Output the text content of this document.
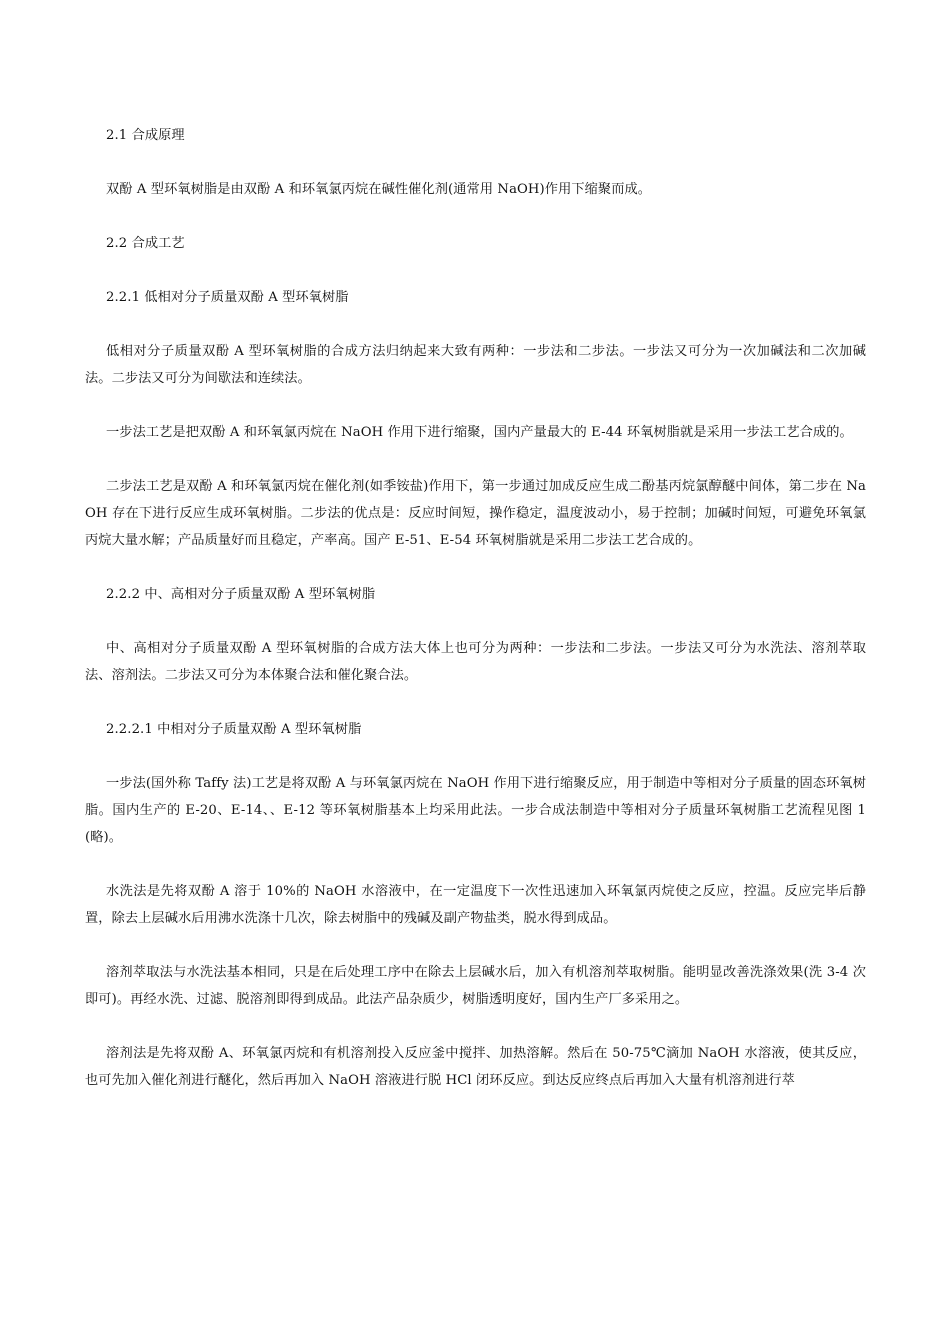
2.1 合成原理

双酚 A 型环氧树脂是由双酚 A 和环氧氯丙烷在碱性催化剂(通常用 NaOH)作用下缩聚而成。

2.2 合成工艺

2.2.1 低相对分子质量双酚 A 型环氧树脂

低相对分子质量双酚 A 型环氧树脂的合成方法归纳起来大致有两种：一步法和二步法。一步法又可分为一次加碱法和二次加碱法。二步法又可分为间歇法和连续法。

一步法工艺是把双酚 A 和环氧氯丙烷在 NaOH 作用下进行缩聚，国内产量最大的 E-44 环氧树脂就是采用一步法工艺合成的。

二步法工艺是双酚 A 和环氧氯丙烷在催化剂(如季铵盐)作用下，第一步通过加成反应生成二酚基丙烷氯醇醚中间体，第二步在 NaOH 存在下进行反应生成环氧树脂。二步法的优点是：反应时间短，操作稳定，温度波动小，易于控制；加碱时间短，可避免环氧氯丙烷大量水解；产品质量好而且稳定，产率高。国产 E-51、E-54 环氧树脂就是采用二步法工艺合成的。

2.2.2 中、高相对分子质量双酚 A 型环氧树脂

中、高相对分子质量双酚 A 型环氧树脂的合成方法大体上也可分为两种：一步法和二步法。一步法又可分为水洗法、溶剂萃取法、溶剂法。二步法又可分为本体聚合法和催化聚合法。

2.2.2.1 中相对分子质量双酚 A 型环氧树脂

一步法(国外称 Taffy 法)工艺是将双酚 A 与环氧氯丙烷在 NaOH 作用下进行缩聚反应，用于制造中等相对分子质量的固态环氧树脂。国内生产的 E-20、E-14、、E-12 等环氧树脂基本上均采用此法。一步合成法制造中等相对分子质量环氧树脂工艺流程见图 1(略)。

水洗法是先将双酚 A 溶于 10%的 NaOH 水溶液中，在一定温度下一次性迅速加入环氧氯丙烷使之反应，控温。反应完毕后静置，除去上层碱水后用沸水洗涤十几次，除去树脂中的残碱及副产物盐类，脱水得到成品。

溶剂萃取法与水洗法基本相同，只是在后处理工序中在除去上层碱水后，加入有机溶剂萃取树脂。能明显改善洗涤效果(洗 3-4 次即可)。再经水洗、过滤、脱溶剂即得到成品。此法产品杂质少，树脂透明度好，国内生产厂多采用之。

溶剂法是先将双酚 A、环氧氯丙烷和有机溶剂投入反应釜中搅拌、加热溶解。然后在 50-75℃滴加 NaOH 水溶液，使其反应，也可先加入催化剂进行醚化，然后再加入 NaOH 溶液进行脱 HCl 闭环反应。到达反应终点后再加入大量有机溶剂进行萃
